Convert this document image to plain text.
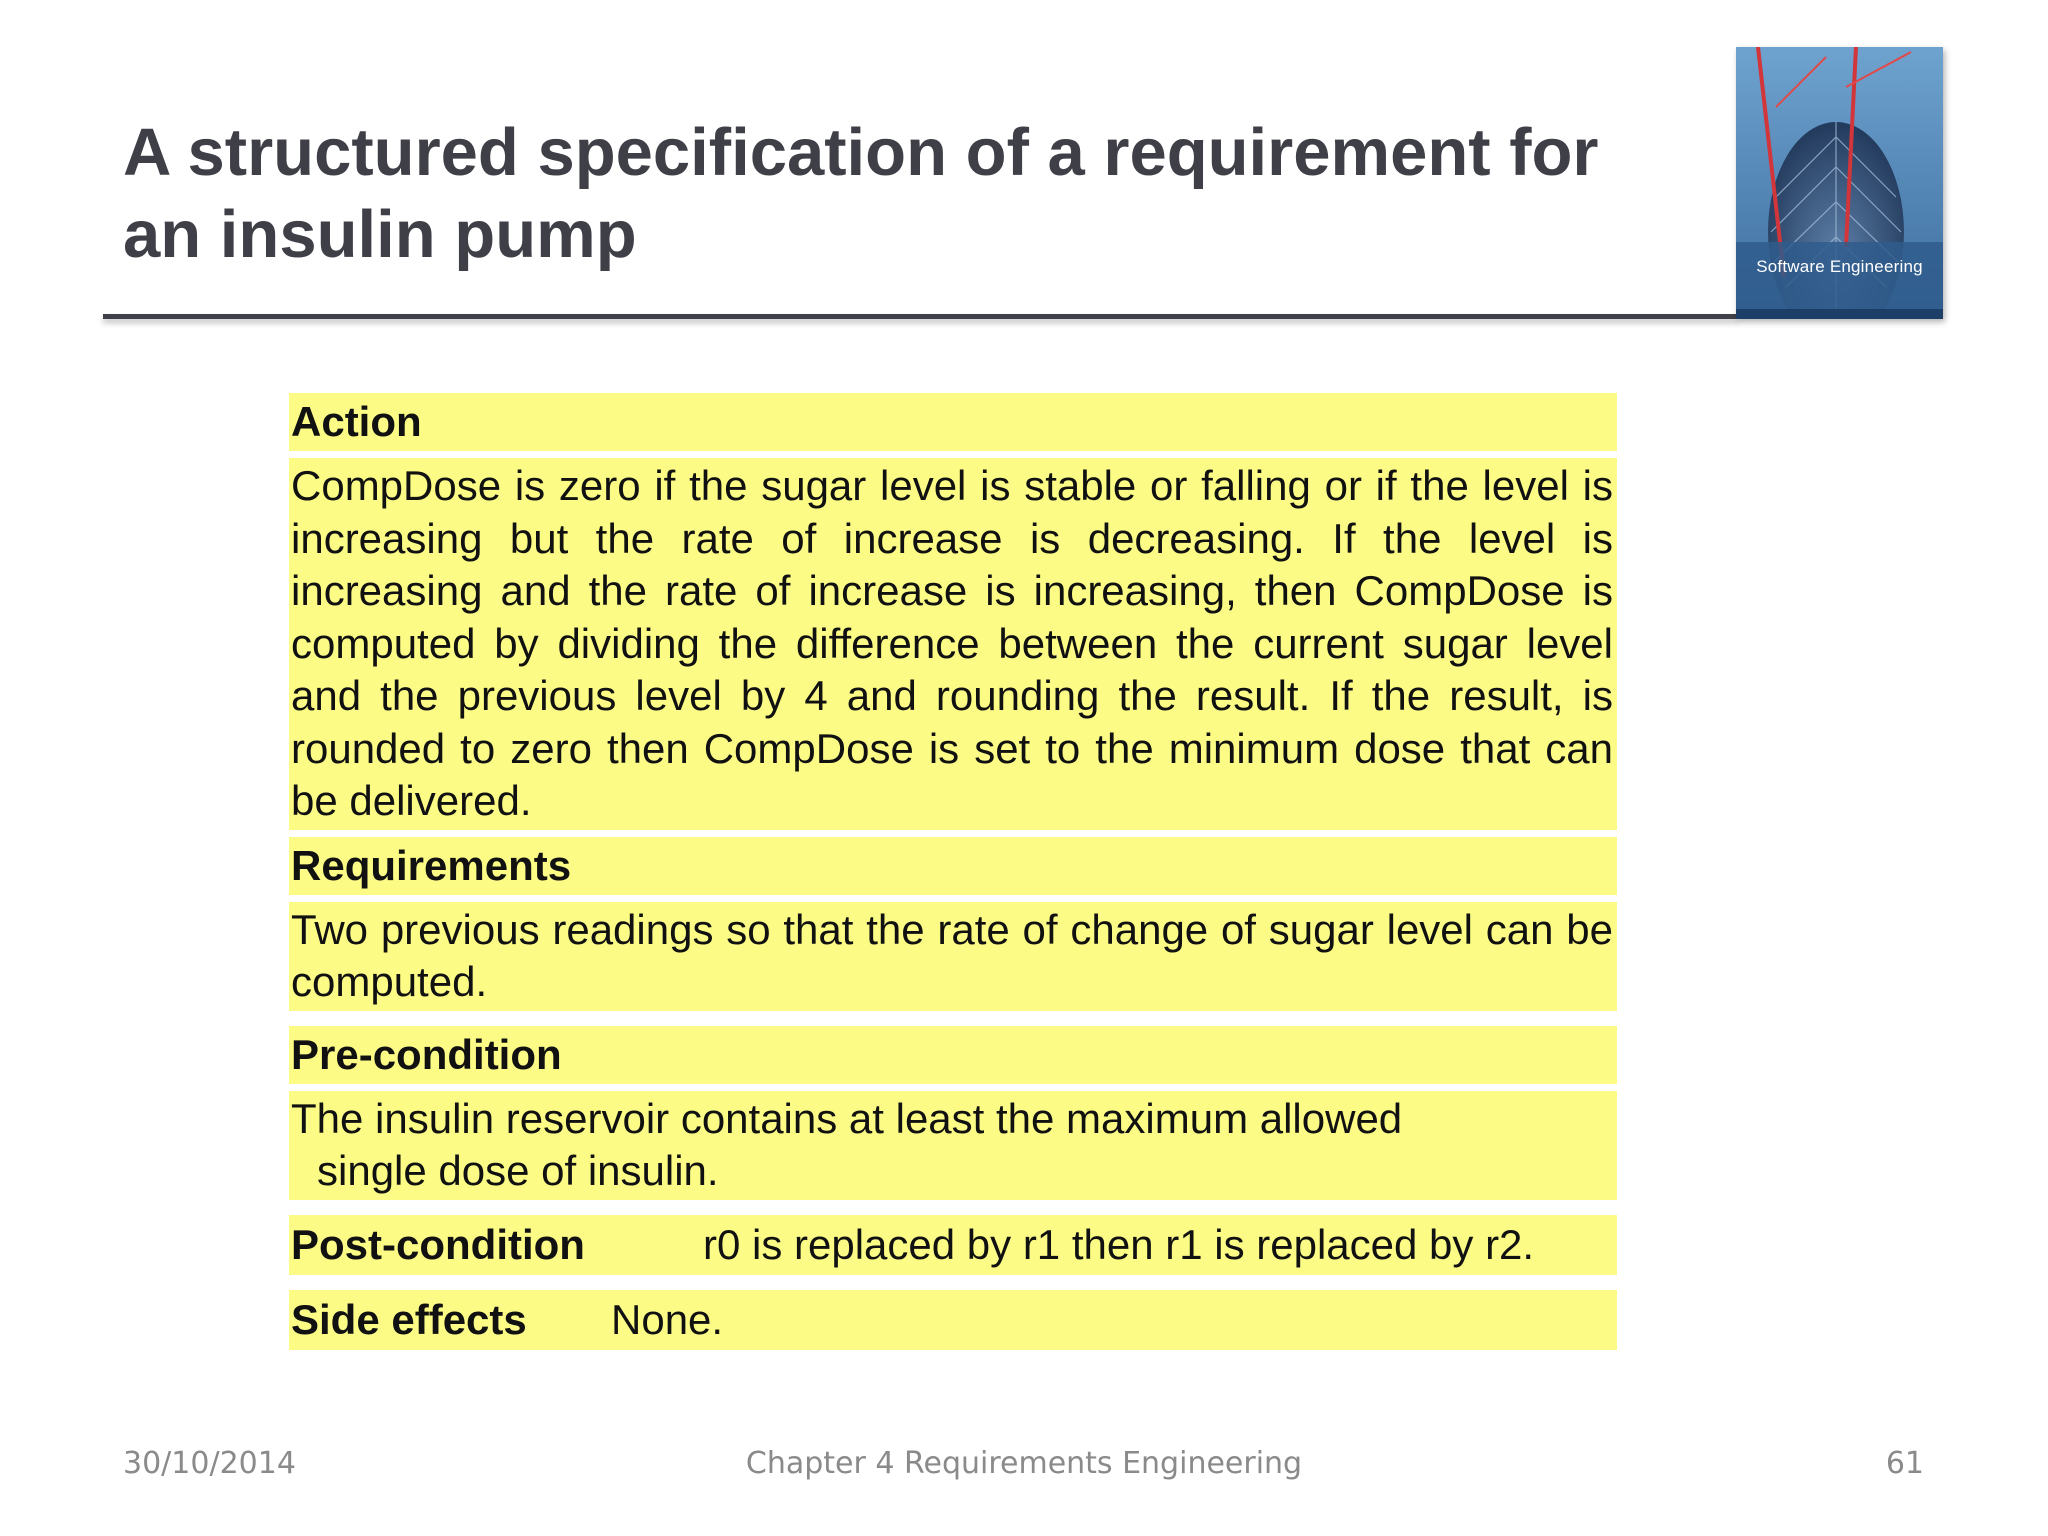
A structured specification of a requirement for
an insulin pump	Software Engineering
Action
CompDose is zero if the sugar level is stable or falling or if the level is increasing but the rate of increase is decreasing. If the level is increasing and the rate of increase is increasing, then CompDose is computed by dividing the difference between the current sugar level and the previous level by 4 and rounding the result. If the result, is rounded to zero then CompDose is set to the minimum dose that can be delivered.
Requirements
Two previous readings so that the rate of change of sugar level can be computed.
Pre-condition
The insulin reservoir contains at least the maximum allowed
single dose of insulin.
Post-condition	r0 is replaced by r1 then r1 is replaced by r2.
Side effects	None.
30/10/2014	Chapter 4 Requirements Engineering	61
